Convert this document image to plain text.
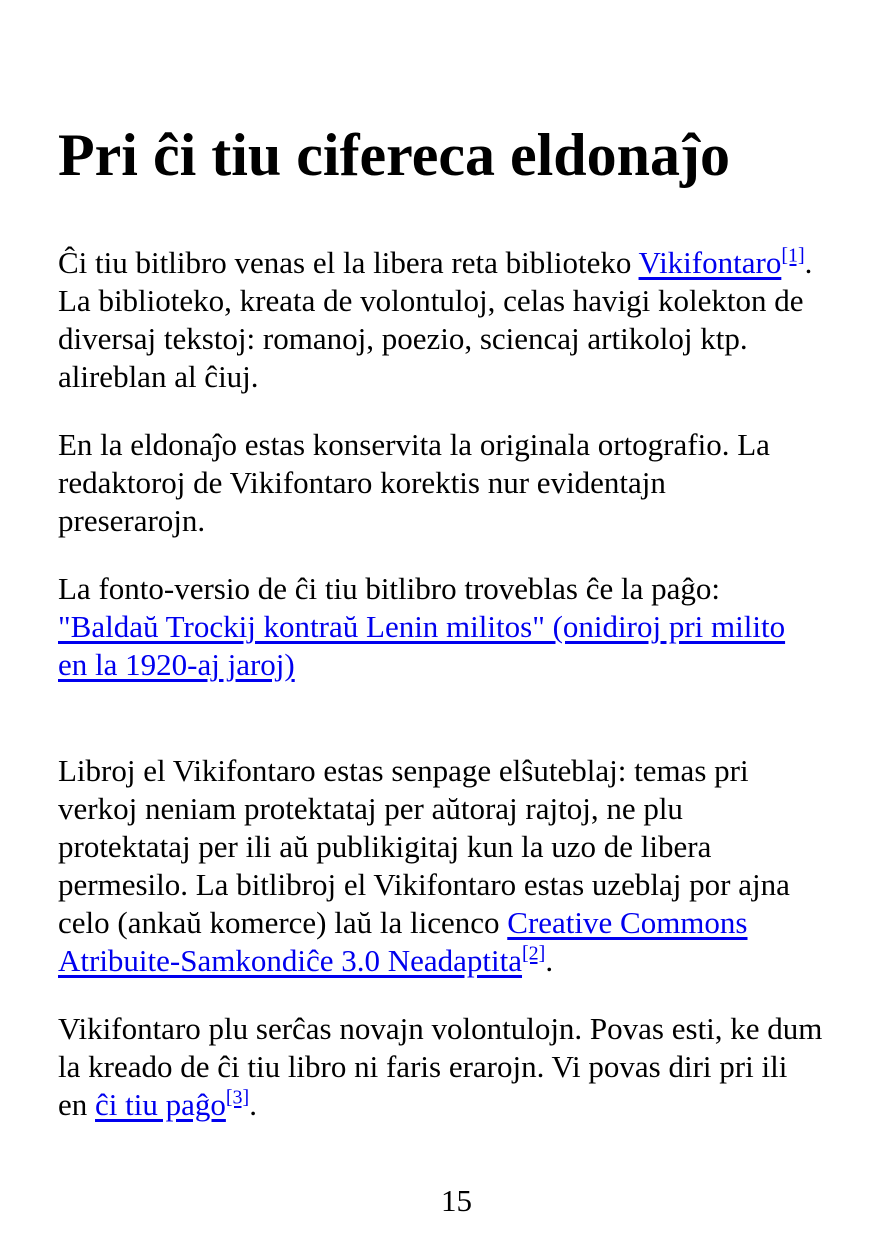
Pri ĉi tiu cifereca eldonaĵo

Ĉi tiu bitlibro venas el la libera reta biblioteko Vikifontaro[1].
La biblioteko, kreata de volontuloj, celas havigi kolekton de
diversaj tekstoj: romanoj, poezio, sciencaj artikoloj ktp.
alireblan al ĉiuj.

En la eldonaĵo estas konservita la originala ortografio. La
redaktoroj de Vikifontaro korektis nur evidentajn
preserarojn.

La fonto-versio de ĉi tiu bitlibro troveblas ĉe la paĝo:
"Baldaŭ Trockij kontraŭ Lenin militos" (onidiroj pri milito
en la 1920-aj jaroj)

Libroj el Vikifontaro estas senpage elŝuteblaj: temas pri
verkoj neniam protektataj per aŭtoraj rajtoj, ne plu
protektataj per ili aŭ publikigitaj kun la uzo de libera
permesilo. La bitlibroj el Vikifontaro estas uzeblaj por ajna
celo (ankaŭ komerce) laŭ la licenco Creative Commons
Atribuite-Samkondiĉe 3.0 Neadaptita[2].

Vikifontaro plu serĉas novajn volontulojn. Povas esti, ke dum
la kreado de ĉi tiu libro ni faris erarojn. Vi povas diri pri ili
en ĉi tiu paĝo[3].

15
